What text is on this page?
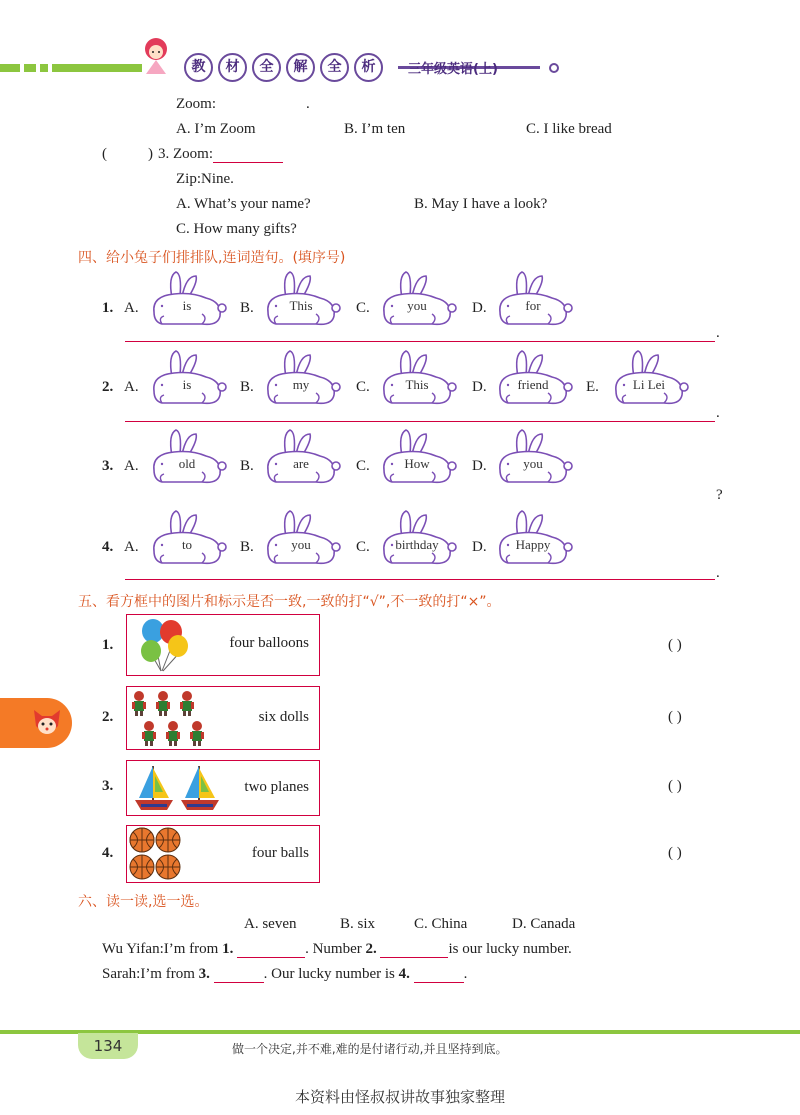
教	材	全	解	全	析	三年级英语(上)
Zoom:	.
A. I’m Zoom	B. I’m ten	C. I like bread
(	) 3. Zoom:
Zip:Nine.
A. What’s your name?	B. May I have a look?
C. How many gifts?
四、给小兔子们排排队,连词造句。(填序号)
1. A.	is	B.	This	C.	you	D.	for
.
2. A.	is	B.	my	C.	This	D.	friend	E.	Li Lei
.
3. A.	old	B.	are	C.	How	D.	you
?
4. A.	to	B.	you	C.	birthday	D.	Happy
.
五、看方框中的图片和标示是否一致,一致的打“√”,不一致的打“×”。
1.	four balloons	( )
2.	six dolls	( )
3.	two planes	( )
4.	four balls	( )
六、读一读,选一选。
A. seven	B. six	C. China	D. Canada
Wu Yifan:I’m from 1.	. Number 2.	is our lucky number.
Sarah:I’m from 3.	. Our lucky number is 4.	.
134	做一个决定,并不难,难的是付诸行动,并且坚持到底。
本资料由怪叔叔讲故事独家整理
